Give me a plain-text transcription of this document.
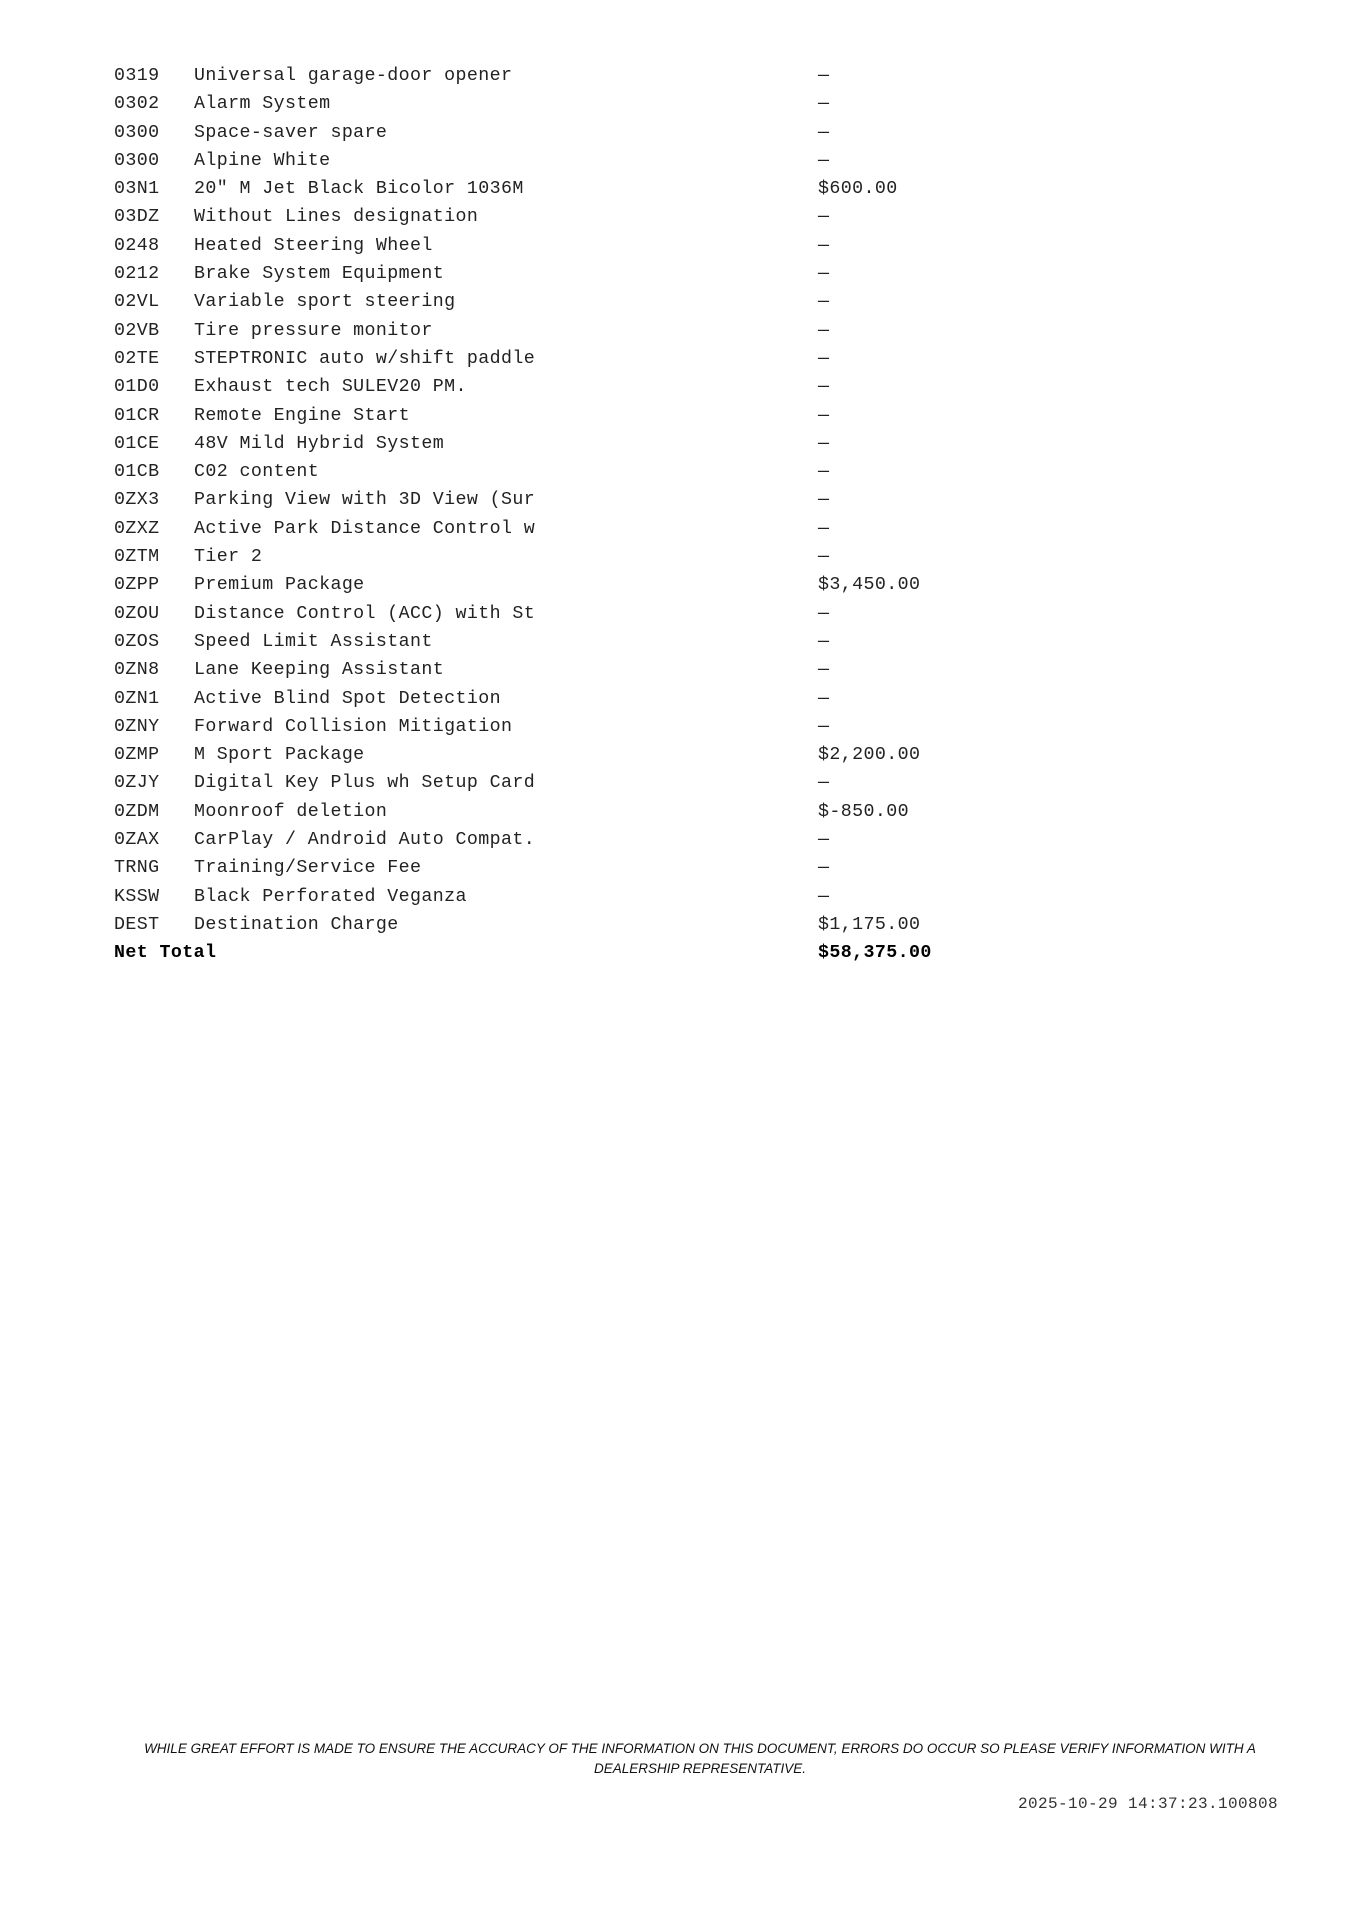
0319 Universal garage-door opener	—
0302 Alarm System	—
0300 Space-saver spare	—
0300 Alpine White	—
03N1 20" M Jet Black Bicolor 1036M	$600.00
03DZ Without Lines designation	—
0248 Heated Steering Wheel	—
0212 Brake System Equipment	—
02VL Variable sport steering	—
02VB Tire pressure monitor	—
02TE STEPTRONIC auto w/shift paddle	—
01D0 Exhaust tech SULEV20 PM.	—
01CR Remote Engine Start	—
01CE 48V Mild Hybrid System	—
01CB C02 content	—
0ZX3 Parking View with 3D View (Sur	—
0ZXZ Active Park Distance Control w	—
0ZTM Tier 2	—
0ZPP Premium Package	$3,450.00
0ZOU Distance Control (ACC) with St	—
0ZOS Speed Limit Assistant	—
0ZN8 Lane Keeping Assistant	—
0ZN1 Active Blind Spot Detection	—
0ZNY Forward Collision Mitigation	—
0ZMP M Sport Package	$2,200.00
0ZJY Digital Key Plus wh Setup Card	—
0ZDM Moonroof deletion	$-850.00
0ZAX CarPlay / Android Auto Compat.	—
TRNG Training/Service Fee	—
KSSW Black Perforated Veganza	—
DEST Destination Charge	$1,175.00
Net Total	$58,375.00
WHILE GREAT EFFORT IS MADE TO ENSURE THE ACCURACY OF THE INFORMATION ON THIS DOCUMENT, ERRORS DO OCCUR SO PLEASE VERIFY INFORMATION WITH A DEALERSHIP REPRESENTATIVE.
2025-10-29 14:37:23.100808
